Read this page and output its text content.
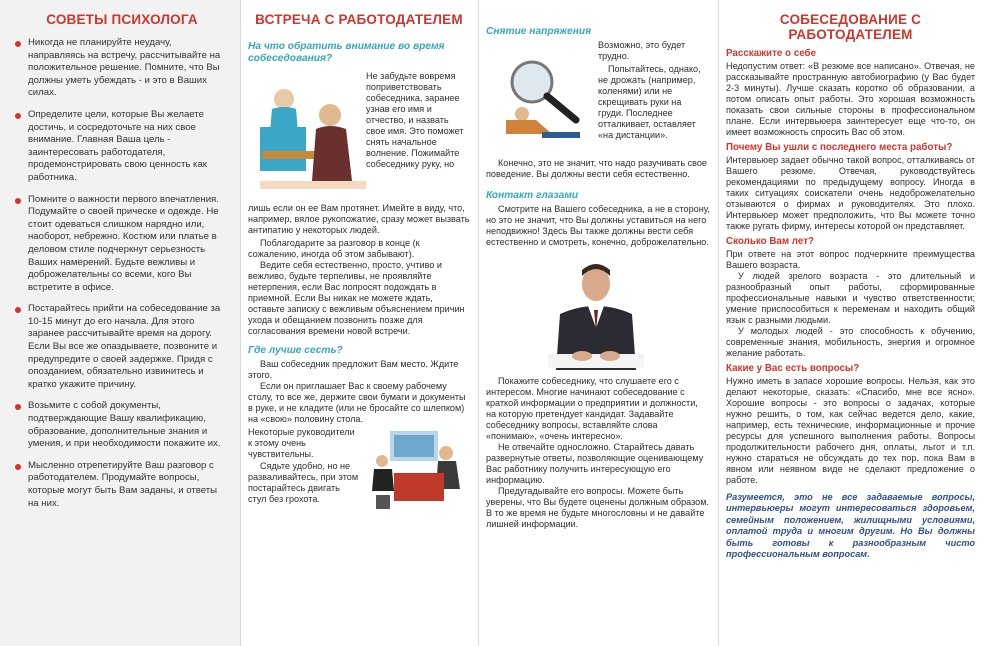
СОВЕТЫ ПСИХОЛОГА
Никогда не планируйте неудачу, направляясь на встречу, рассчитывайте на положительное решение. Помните, что Вы должны уметь убеждать - и это в Ваших силах.
Определите цели, которые Вы желаете достичь, и сосредоточьте на них свое внимание. Главная Ваша цель - заинтересовать работодателя, продемонстрировать свою ценность как работника.
Помните о важности первого впечатления. Подумайте о своей прическе и одежде. Не стоит одеваться слишком нарядно или, наоборот, небрежно. Костюм или платье в деловом стиле подчеркнут серьезность Ваших намерений. Будьте вежливы и доброжелательны со всеми, кого Вы встретите в офисе.
Постарайтесь прийти на собеседование за 10-15 минут до его начала. Для этого заранее рассчитывайте время на дорогу. Если Вы все же опаздываете, позвоните и предупредите о своей задержке. Придя с опозданием, обязательно извинитесь и кратко укажите причину.
Возьмите с собой документы, подтверждающие Вашу квалификацию, образование, дополнительные знания и умения, и при необходимости покажите их.
Мысленно отрепетируйте Ваш разговор с работодателем. Продумайте вопросы, которые могут быть Вам заданы, и ответы на них.
ВСТРЕЧА С РАБОТОДАТЕЛЕМ
На что обратить внимание во время собеседования?
Не забудьте вовремя поприветствовать собеседника, заранее узнав его имя и отчество, и назвать свое имя. Это поможет снять начальное волнение. Пожимайте собеседнику руку, но
лишь если он ее Вам протянет. Имейте в виду, что, например, вялое рукопожатие, сразу может вызвать антипатию у некоторых людей.
Поблагодарите за разговор в конце (к сожалению, иногда об этом забывают).
Ведите себя естественно, просто, учтиво и вежливо, будьте терпеливы, не проявляйте нетерпения, если Вас попросят подождать в приемной. Если Вы никак не можете ждать, оставьте записку с вежливым объяснением причин ухода и обещанием позвонить позже для согласования времени новой встречи.
Где лучше сесть?
Ваш собеседник предложит Вам место. Ждите этого.
Если он приглашает Вас к своему рабочему столу, то все же, держите свои бумаги и документы в руке, и не кладите (или не бросайте со шлепком) на «свою» половину стола.
Некоторые руководители к этому очень чувствительны.
Сядьте удобно, но не разваливайтесь, при этом постарайтесь двигать стул без грохота.
Снятие напряжения
Возможно, это будет трудно.
Попытайтесь, однако, не дрожать (например, коленями) или не скрещивать руки на груди. Последнее отталкивает, оставляет «на дистанции».
Конечно, это не значит, что надо разучивать свое поведение. Вы должны вести себя естественно.
Контакт глазами
Смотрите на Вашего собеседника, а не в сторону, но это не значит, что Вы должны уставиться на него неподвижно! Здесь Вы также должны вести себя естественно и смотреть, конечно, доброжелательно.
Покажите собеседнику, что слушаете его с интересом. Многие начинают собеседование с краткой информации о предприятии и должности, на которую претендует кандидат. Задавайте собеседнику вопросы, вставляйте слова «понимаю», «очень интересно».
Не отвечайте односложно. Старайтесь давать развернутые ответы, позволяющие оценивающему Вас работнику получить интересующую его информацию.
Предугадывайте его вопросы. Можете быть уверены, что Вы будете оценены должным образом. В то же время не будьте многословны и не давайте лишней информации.
СОБЕСЕДОВАНИЕ С РАБОТОДАТЕЛЕМ
Расскажите о себе
Недопустим ответ: «В резюме все написано». Отвечая, не рассказывайте пространную автобиографию (у Вас будет 2-3 минуты). Лучше сказать коротко об образовании, а потом описать опыт работы. Это хорошая возможность показать свои сильные стороны в профессиональном плане. Если интервьюера заинтересует еще что-то, он имеет возможность спросить Вас об этом.
Почему Вы ушли с последнего места работы?
Интервьюер задает обычно такой вопрос, отталкиваясь от Вашего резюме. Отвечая, руководствуйтесь рекомендациями по предыдущему вопросу. Иногда в таких ситуациях соискатели очень недоброжелательно отзываются о фирмах и руководителях. Это плохо. Интервьюер может предположить, что Вы можете точно также ругать фирму, интересы которой он представляет.
Сколько Вам лет?
При ответе на этот вопрос подчеркните преимущества Вашего возраста.
У людей зрелого возраста - это длительный и разнообразный опыт работы, сформированные профессиональные навыки и чувство ответственности; умение приспособиться к переменам и находить общий язык с разными людьми.
У молодых людей - это способность к обучению, современные знания, мобильность, энергия и огромное желание работать.
Какие у Вас есть вопросы?
Нужно иметь в запасе хорошие вопросы. Нельзя, как это делают некоторые, сказать: «Спасибо, мне все ясно». Хорошие вопросы - это вопросы о задачах, которые нужно решить, о том, как сейчас ведется дело, какие, например, есть технические, информационные и прочие ресурсы для успешного выполнения работы. Вопросы продолжительности рабочего дня, оплаты, льгот и т.п. нужно стараться не обсуждать до тех пор, пока Вам в явном или неявном виде не сделают предложение о работе.
Разумеется, это не все задаваемые вопросы, интервьюеры могут интересоваться здоровьем, семейным положением, жилищными условиями, оплатой труда и многим другим. Но Вы должны быть готовы к разнообразным чисто профессиональным вопросам.
